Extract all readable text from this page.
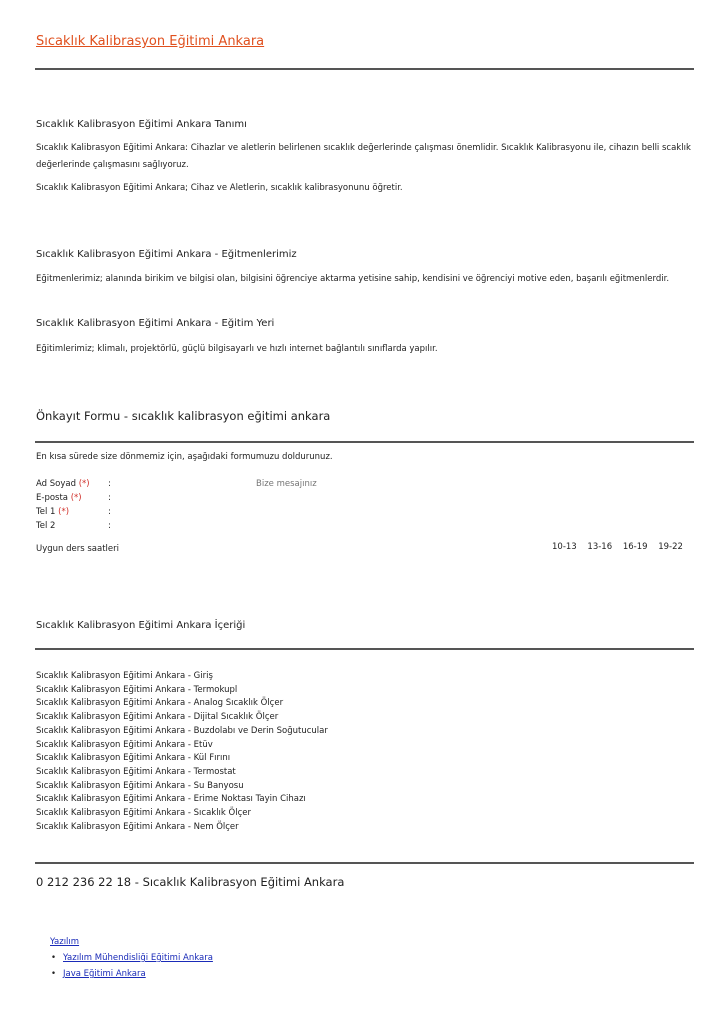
Sıcaklık Kalibrasyon Eğitimi Ankara
Sıcaklık Kalibrasyon Eğitimi Ankara Tanımı
Sıcaklık Kalibrasyon Eğitimi Ankara: Cihazlar ve aletlerin belirlenen sıcaklık değerlerinde çalışması önemlidir. Sıcaklık Kalibrasyonu ile, cihazın belli scaklık değerlerinde çalışmasını sağlıyoruz.
Sıcaklık Kalibrasyon Eğitimi Ankara; Cihaz ve Aletlerin, sıcaklık kalibrasyonunu öğretir.
Sıcaklık Kalibrasyon Eğitimi Ankara - Eğitmenlerimiz
Eğitmenlerimiz; alanında birikim ve bilgisi olan, bilgisini öğrenciye aktarma yetisine sahip, kendisini ve öğrenciyi motive eden, başarılı eğitmenlerdir.
Sıcaklık Kalibrasyon Eğitimi Ankara - Eğitim Yeri
Eğitimlerimiz; klimalı, projektörlü, güçlü bilgisayarlı ve hızlı internet bağlantılı sınıflarda yapılır.
Önkayıt Formu - sıcaklık kalibrasyon eğitimi ankara
En kısa sürede size dönmemiz için, aşağıdaki formumuzu doldurunuz.
Ad Soyad (*) :
E-posta (*)	:
Tel 1 (*)	:
Tel 2	:
Bize mesajınız
Uygun ders saatleri	10-13 13-16 16-19 19-22
Sıcaklık Kalibrasyon Eğitimi Ankara İçeriği
Sıcaklık Kalibrasyon Eğitimi Ankara - Giriş
Sıcaklık Kalibrasyon Eğitimi Ankara - Termokupl
Sıcaklık Kalibrasyon Eğitimi Ankara - Analog Sıcaklık Ölçer
Sıcaklık Kalibrasyon Eğitimi Ankara - Dijital Sıcaklık Ölçer
Sıcaklık Kalibrasyon Eğitimi Ankara - Buzdolabı ve Derin Soğutucular
Sıcaklık Kalibrasyon Eğitimi Ankara - Etüv
Sıcaklık Kalibrasyon Eğitimi Ankara - Kül Fırını
Sıcaklık Kalibrasyon Eğitimi Ankara - Termostat
Sıcaklık Kalibrasyon Eğitimi Ankara - Su Banyosu
Sıcaklık Kalibrasyon Eğitimi Ankara - Erime Noktası Tayin Cihazı
Sıcaklık Kalibrasyon Eğitimi Ankara - Sıcaklık Ölçer
Sıcaklık Kalibrasyon Eğitimi Ankara - Nem Ölçer
0 212 236 22 18 - Sıcaklık Kalibrasyon Eğitimi Ankara
Yazılım
• Yazılım Mühendisliği Eğitimi Ankara
• Java Eğitimi Ankara
